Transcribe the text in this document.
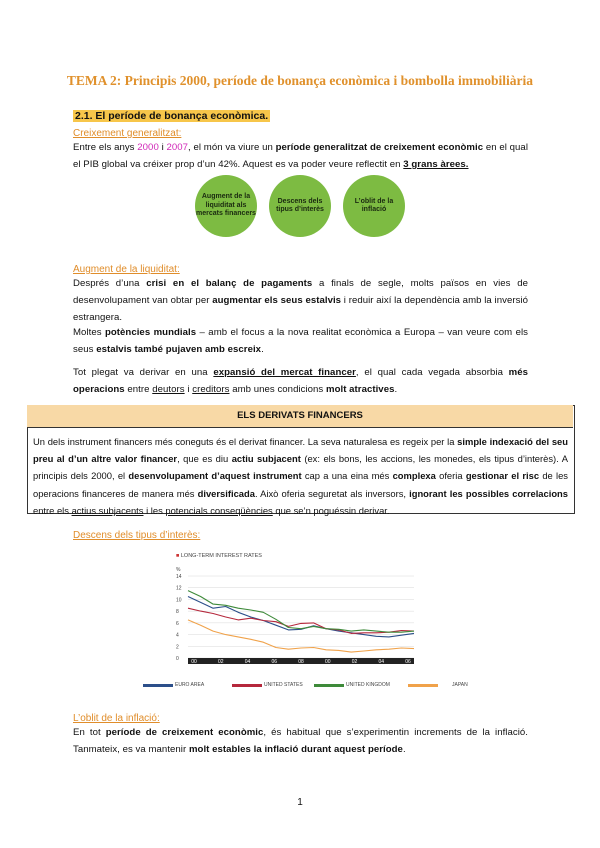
TEMA 2: Principis 2000, període de bonança econòmica i bombolla immobiliària
2.1. El període de bonança econòmica.
Creixement generalitzat:
Entre els anys 2000 i 2007, el món va viure un període generalitzat de creixement econòmic en el qual el PIB global va créixer prop d’un 42%. Aquest es va poder veure reflectit en 3 grans àrees.
Augment de la liquiditat als mercats financers
Descens dels tipus d’interès
L’oblit de la inflació
Augment de la liquiditat:
Després d’una crisi en el balanç de pagaments a finals de segle, molts països en vies de desenvolupament van obtar per augmentar els seus estalvis i reduir així la dependència amb la inversió estrangera.
Moltes potències mundials – amb el focus a la nova realitat econòmica a Europa – van veure com els seus estalvis també pujaven amb escreix.
Tot plegat va derivar en una expansió del mercat financer, el qual cada vegada absorbia més operacions entre deutors i creditors amb unes condicions molt atractives.
ELS DERIVATS FINANCERS
Un dels instrument financers més coneguts és el derivat financer. La seva naturalesa es regeix per la simple indexació del seu preu al d’un altre valor financer, que es diu actiu subjacent (ex: els bons, les accions, les monedes, els tipus d’interès). A principis dels 2000, el desenvolupament d’aquest instrument cap a una eina més complexa oferia gestionar el risc de les operacions financeres de manera més diversificada. Això oferia seguretat als inversors, ignorant les possibles correlacions entre els actius subjacents i les potencials conseqüències que se’n poguéssin derivar.
Descens dels tipus d’interès:
■ LONG-TERM INTEREST RATES
%
14
12
10
8
6
4
2
0 00	02	04	06	08	00	02	04	06
EURO AREA	UNITED STATES	UNITED KINGDOM	JAPAN
L’oblit de la inflació:
En tot període de creixement econòmic, és habitual que s’experimentin increments de la inflació. Tanmateix, es va mantenir molt estables la inflació durant aquest període.
1
